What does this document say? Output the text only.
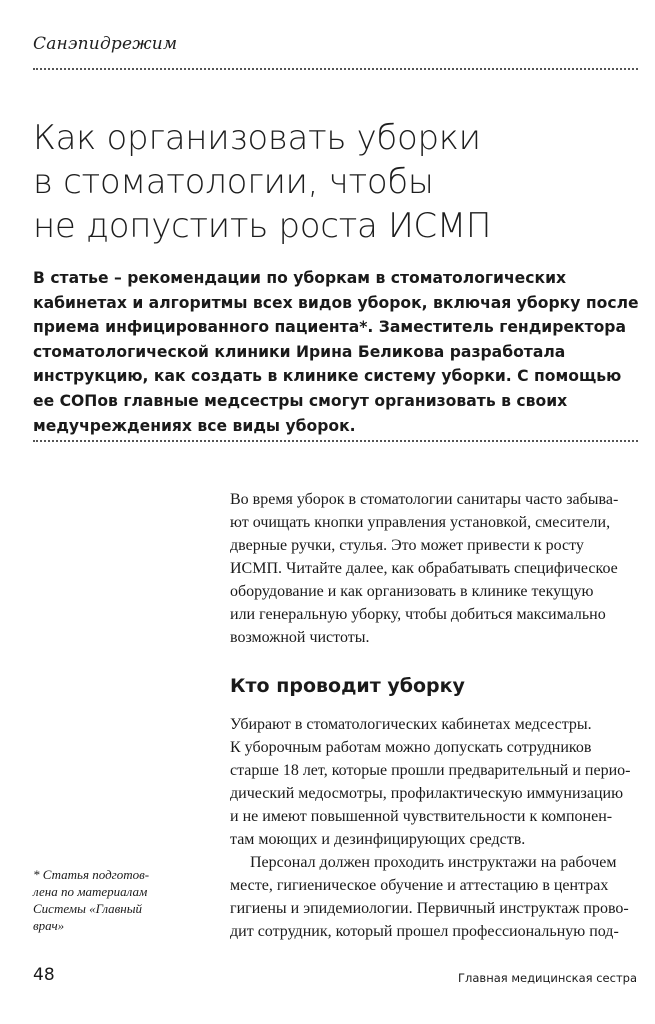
Санэпидрежим
Как организовать уборки
в стоматологии, чтобы
не допустить роста ИСМП
В статье – рекомендации по уборкам в стоматологических
кабинетах и алгоритмы всех видов уборок, включая уборку после
приема инфицированного пациента*. Заместитель гендиректора
стоматологической клиники Ирина Беликова разработала
инструкцию, как создать в клинике систему уборки. С помощью
ее СОПов главные медсестры смогут организовать в своих
медучреждениях все виды уборок.
Во время уборок в стоматологии санитары часто забыва-
ют очищать кнопки управления установкой, смесители,
дверные ручки, стулья. Это может привести к росту
ИСМП. Читайте далее, как обрабатывать специфическое
оборудование и как организовать в клинике текущую
или генеральную уборку, чтобы добиться максимально
возможной чистоты.
Кто проводит уборку
Убирают в стоматологических кабинетах медсестры.
К уборочным работам можно допускать сотрудников
старше 18 лет, которые прошли предварительный и перио-
дический медосмотры, профилактическую иммунизацию
и не имеют повышенной чувствительности к компонен-
там моющих и дезинфицирующих средств.
Персонал должен проходить инструктажи на рабочем
месте, гигиеническое обучение и аттестацию в центрах
гигиены и эпидемиологии. Первичный инструктаж прово-
дит сотрудник, который прошел профессиональную под-
* Статья подготов-
лена по материалам
Системы «Главный
врач»
48	Главная медицинская сестра
